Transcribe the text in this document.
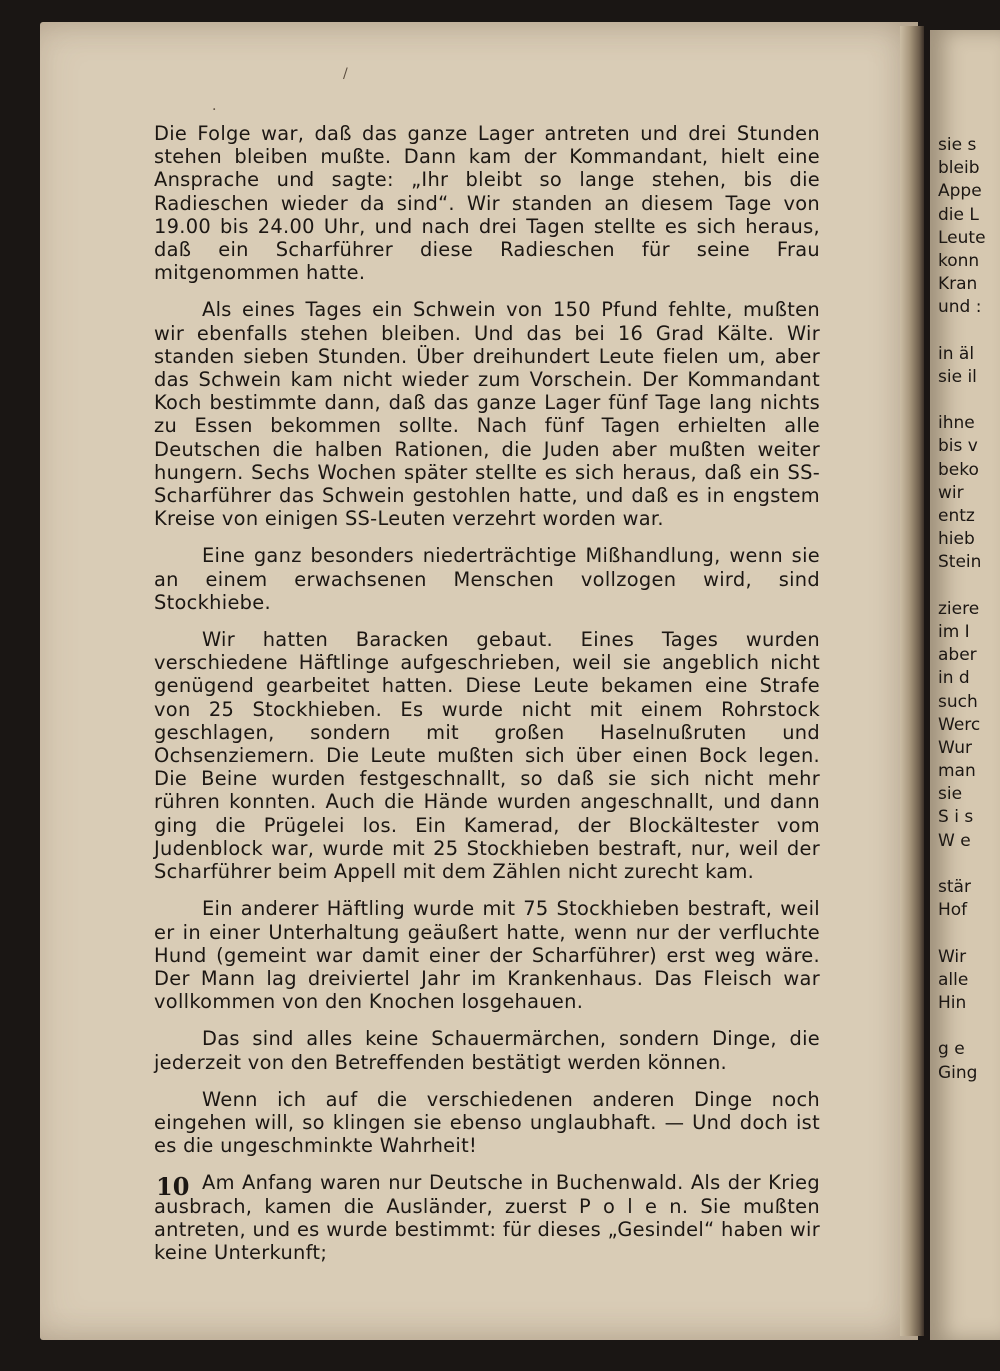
sie s
bleib
Appe
die L
Leute
konn
Kran
und :
in äl
sie il
ihne
bis v
beko
wir
entz
hieb
Stein
ziere
im I
aber
in d
such
Werc
Wur
man
sie
S i s
W e
stär
Hof
Wir
alle
Hin
g e
Ging
/
·

Die Folge war, daß das ganze Lager antreten und drei Stunden stehen bleiben mußte. Dann kam der Kommandant, hielt eine Ansprache und sagte: „Ihr bleibt so lange stehen, bis die Radieschen wieder da sind“. Wir standen an diesem Tage von 19.00 bis 24.00 Uhr, und nach drei Tagen stellte es sich heraus, daß ein Scharführer diese Radieschen für seine Frau mitgenommen hatte.

Als eines Tages ein Schwein von 150 Pfund fehlte, mußten wir ebenfalls stehen bleiben. Und das bei 16 Grad Kälte. Wir standen sieben Stunden. Über dreihundert Leute fielen um, aber das Schwein kam nicht wieder zum Vorschein. Der Kommandant Koch bestimmte dann, daß das ganze Lager fünf Tage lang nichts zu Essen bekommen sollte. Nach fünf Tagen erhielten alle Deutschen die halben Rationen, die Juden aber mußten weiter hungern. Sechs Wochen später stellte es sich heraus, daß ein SS-Scharführer das Schwein gestohlen hatte, und daß es in engstem Kreise von einigen SS-Leuten verzehrt worden war.

Eine ganz besonders niederträchtige Mißhandlung, wenn sie an einem erwachsenen Menschen vollzogen wird, sind Stockhiebe.

Wir hatten Baracken gebaut. Eines Tages wurden verschiedene Häftlinge aufgeschrieben, weil sie angeblich nicht genügend gearbeitet hatten. Diese Leute bekamen eine Strafe von 25 Stockhieben. Es wurde nicht mit einem Rohrstock geschlagen, sondern mit großen Haselnußruten und Ochsenziemern. Die Leute mußten sich über einen Bock legen. Die Beine wurden festgeschnallt, so daß sie sich nicht mehr rühren konnten. Auch die Hände wurden angeschnallt, und dann ging die Prügelei los. Ein Kamerad, der Blockältester vom Judenblock war, wurde mit 25 Stockhieben bestraft, nur, weil der Scharführer beim Appell mit dem Zählen nicht zurecht kam.

Ein anderer Häftling wurde mit 75 Stockhieben bestraft, weil er in einer Unterhaltung geäußert hatte, wenn nur der verfluchte Hund (gemeint war damit einer der Scharführer) erst weg wäre. Der Mann lag dreiviertel Jahr im Krankenhaus. Das Fleisch war vollkommen von den Knochen losgehauen.

Das sind alles keine Schauermärchen, sondern Dinge, die jederzeit von den Betreffenden bestätigt werden können.

Wenn ich auf die verschiedenen anderen Dinge noch eingehen will, so klingen sie ebenso unglaubhaft. — Und doch ist es die ungeschminkte Wahrheit!

Am Anfang waren nur Deutsche in Buchenwald. Als der Krieg ausbrach, kamen die Ausländer, zuerst P o l e n. Sie mußten antreten, und es wurde bestimmt: für dieses „Gesindel“ haben wir keine Unterkunft;

10
